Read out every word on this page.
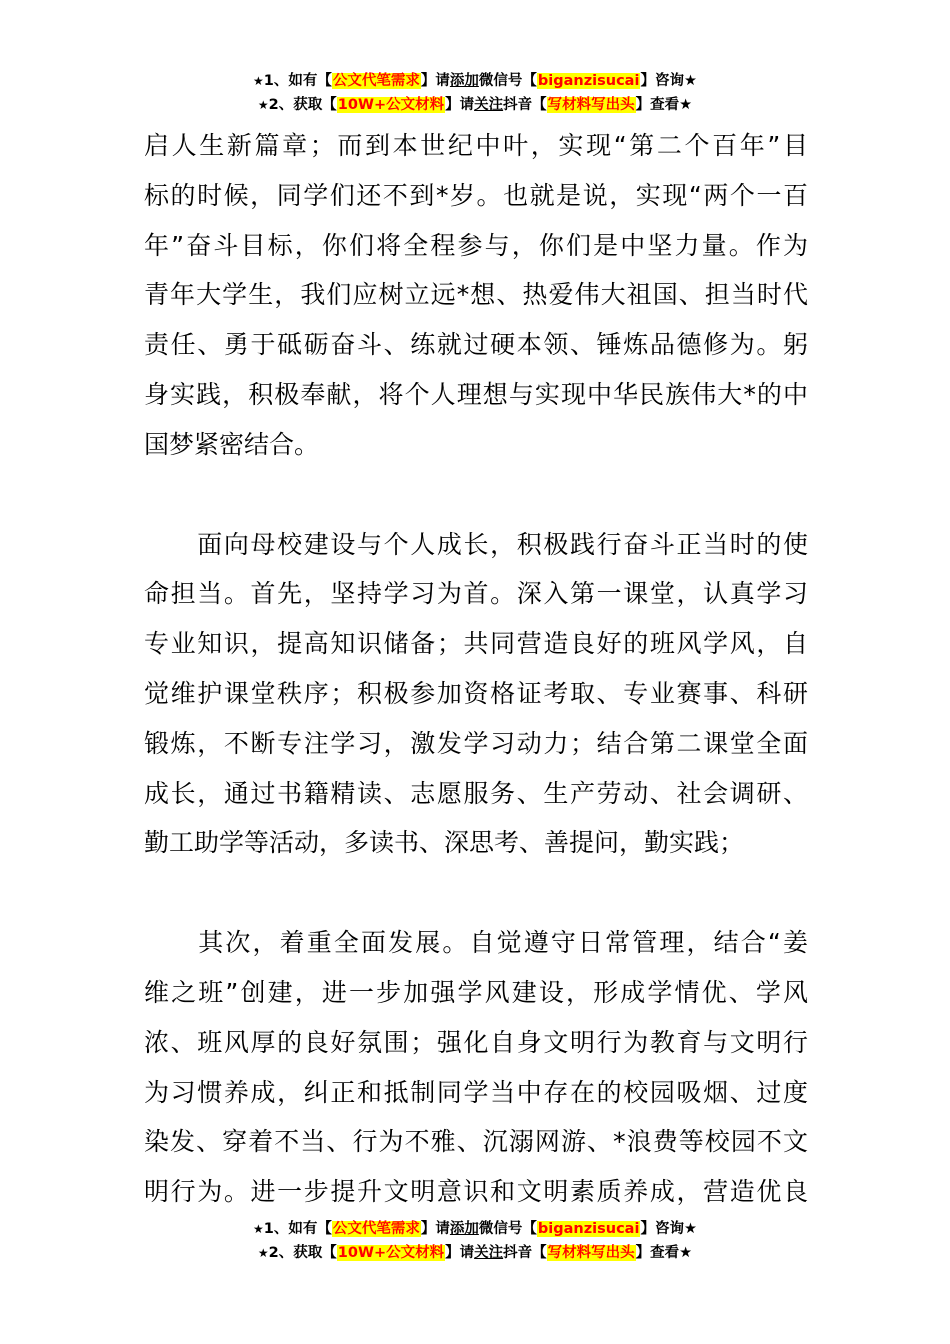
★1、如有【公文代笔需求】请添加微信号【biganzisucai】咨询★
★2、获取【10W+公文材料】请关注抖音【写材料写出头】查看★
启人生新篇章；而到本世纪中叶，实现“第二个百年”目
标的时候，同学们还不到*岁。也就是说，实现“两个一百
年”奋斗目标，你们将全程参与，你们是中坚力量。作为
青年大学生，我们应树立远*想、热爱伟大祖国、担当时代
责任、勇于砥砺奋斗、练就过硬本领、锤炼品德修为。躬
身实践，积极奉献，将个人理想与实现中华民族伟大*的中
国梦紧密结合。
　　面向母校建设与个人成长，积极践行奋斗正当时的使
命担当。首先，坚持学习为首。深入第一课堂，认真学习
专业知识，提高知识储备；共同营造良好的班风学风，自
觉维护课堂秩序；积极参加资格证考取、专业赛事、科研
锻炼，不断专注学习，激发学习动力；结合第二课堂全面
成长，通过书籍精读、志愿服务、生产劳动、社会调研、
勤工助学等活动，多读书、深思考、善提问，勤实践；
　　其次，着重全面发展。自觉遵守日常管理，结合“姜
维之班”创建，进一步加强学风建设，形成学情优、学风
浓、班风厚的良好氛围；强化自身文明行为教育与文明行
为习惯养成，纠正和抵制同学当中存在的校园吸烟、过度
染发、穿着不当、行为不雅、沉溺网游、*浪费等校园不文
明行为。进一步提升文明意识和文明素质养成，营造优良
★1、如有【公文代笔需求】请添加微信号【biganzisucai】咨询★
★2、获取【10W+公文材料】请关注抖音【写材料写出头】查看★
